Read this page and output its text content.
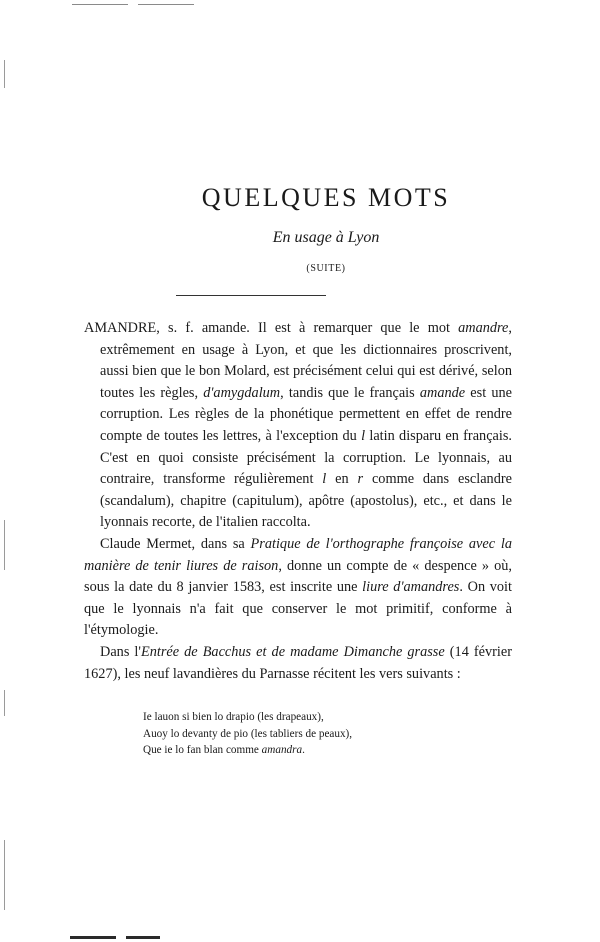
QUELQUES MOTS
En usage à Lyon
(SUITE)

AMANDRE, s. f. amande. Il est à remarquer que le mot amandre, extrêmement en usage à Lyon, et que les dictionnaires proscrivent, aussi bien que le bon Molard, est précisément celui qui est dérivé, selon toutes les règles, d'amygdalum, tandis que le français amande est une corruption. Les règles de la phonétique permettent en effet de rendre compte de toutes les lettres, à l'exception du l latin disparu en français. C'est en quoi consiste précisément la corruption. Le lyonnais, au contraire, transforme régulièrement l en r comme dans esclandre (scandalum), chapitre (capitulum), apôtre (apostolus), etc., et dans le lyonnais recorte, de l'italien raccolta.

Claude Mermet, dans sa Pratique de l'orthographe françoise avec la manière de tenir liures de raison, donne un compte de « despence » où, sous la date du 8 janvier 1583, est inscrite une liure d'amandres. On voit que le lyonnais n'a fait que conserver le mot primitif, conforme à l'étymologie.

Dans l'Entrée de Bacchus et de madame Dimanche grasse (14 février 1627), les neuf lavandières du Parnasse récitent les vers suivants :

Ie lauon si bien lo drapio (les drapeaux),
Auoy lo devanty de pio (les tabliers de peaux),
Que ie lo fan blan comme amandra.
